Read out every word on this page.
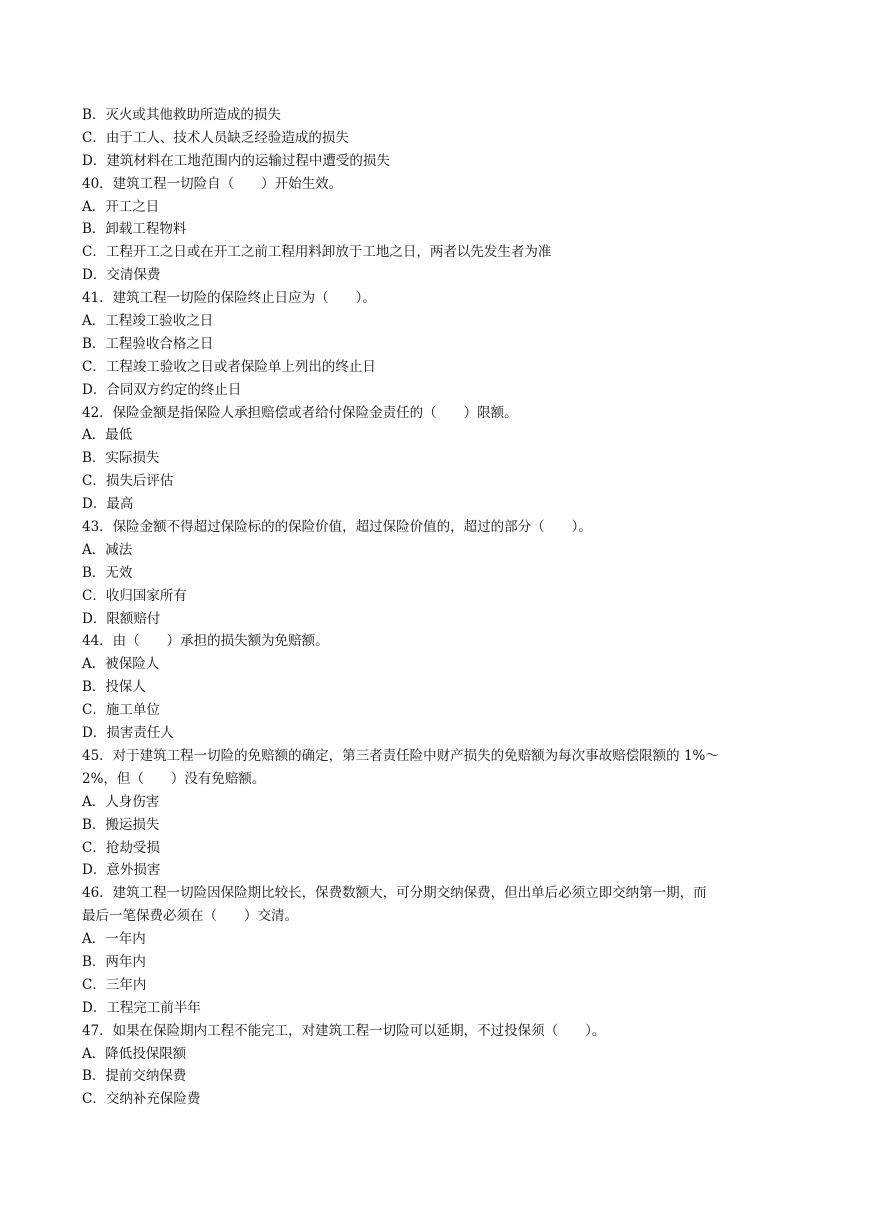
B．灭火或其他救助所造成的损失
C．由于工人、技术人员缺乏经验造成的损失
D．建筑材料在工地范围内的运输过程中遭受的损失
40．建筑工程一切险自（　　）开始生效。
A．开工之日
B．卸载工程物料
C．工程开工之日或在开工之前工程用料卸放于工地之日，两者以先发生者为准
D．交清保费
41．建筑工程一切险的保险终止日应为（　　）。
A．工程竣工验收之日
B．工程验收合格之日
C．工程竣工验收之日或者保险单上列出的终止日
D．合同双方约定的终止日
42．保险金额是指保险人承担赔偿或者给付保险金责任的（　　）限额。
A．最低
B．实际损失
C．损失后评估
D．最高
43．保险金额不得超过保险标的的保险价值，超过保险价值的，超过的部分（　　）。
A．减法
B．无效
C．收归国家所有
D．限额赔付
44．由（　　）承担的损失额为免赔额。
A．被保险人
B．投保人
C．施工单位
D．损害责任人
45．对于建筑工程一切险的免赔额的确定，第三者责任险中财产损失的免赔额为每次事故赔偿限额的 1%～
2%，但（　　）没有免赔额。
A．人身伤害
B．搬运损失
C．抢劫受损
D．意外损害
46．建筑工程一切险因保险期比较长，保费数额大，可分期交纳保费，但出单后必须立即交纳第一期，而
最后一笔保费必须在（　　）交清。
A．一年内
B．两年内
C．三年内
D．工程完工前半年
47．如果在保险期内工程不能完工，对建筑工程一切险可以延期，不过投保须（　　）。
A．降低投保限额
B．提前交纳保费
C．交纳补充保险费
